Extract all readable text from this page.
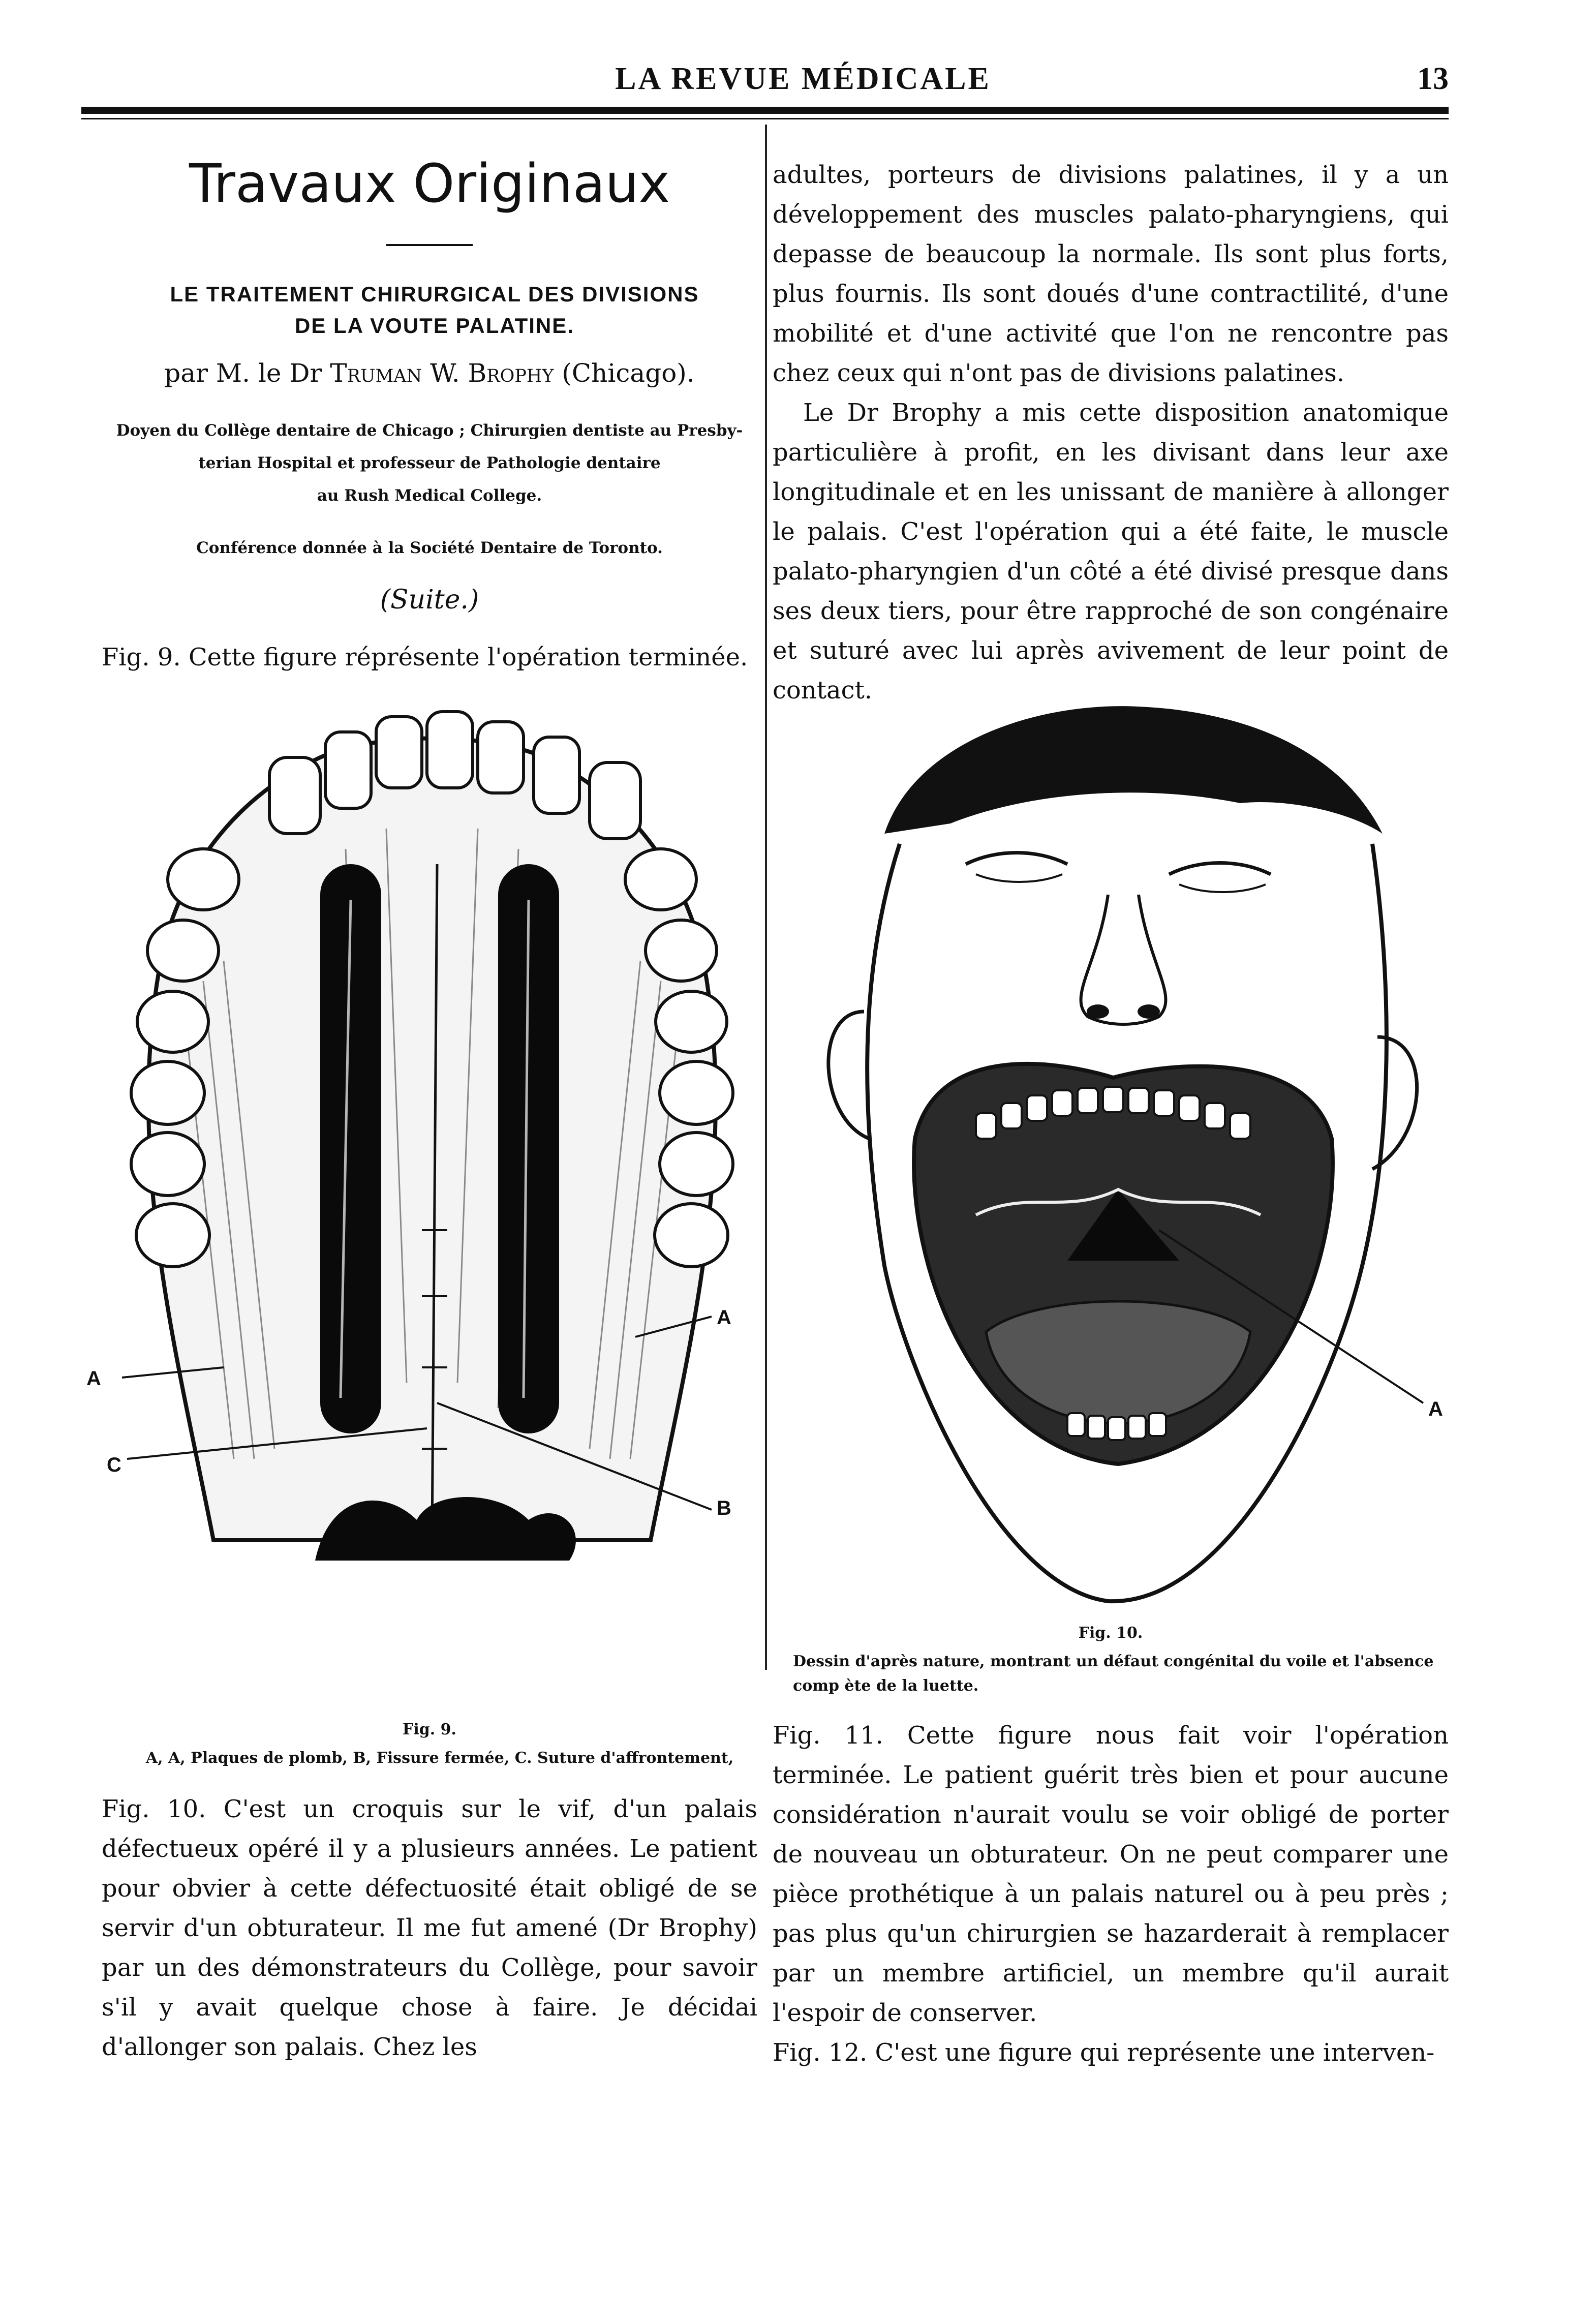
LA REVUE MÉDICALE	13
Travaux Originaux
LE TRAITEMENT CHIRURGICAL DES DIVISIONS
DE LA VOUTE PALATINE.
par M. le Dr Truman W. Brophy (Chicago).
Doyen du Collège dentaire de Chicago ; Chirurgien dentiste au Presby-
terian Hospital et professeur de Pathologie dentaire
au Rush Medical College.
Conférence donnée à la Société Dentaire de Toronto.
(Suite.)
Fig. 9. Cette figure réprésente l'opération terminée.
A
A
B
C
Fig. 9.
A, A, Plaques de plomb, B, Fissure fermée, C. Suture d'affrontement,

Fig. 10. C'est un croquis sur le vif, d'un palais défectueux opéré il y a plusieurs années. Le patient pour obvier à cette défectuosité était obligé de se servir d'un obturateur. Il me fut amené (Dr Brophy) par un des démonstrateurs du Collège, pour savoir s'il y avait quelque chose à faire. Je décidai d'allonger son palais. Chez les

adultes, porteurs de divisions palatines, il y a un développement des muscles palato-pharyngiens, qui depasse de beaucoup la normale. Ils sont plus forts, plus fournis. Ils sont doués d'une contractilité, d'une mobilité et d'une activité que l'on ne rencontre pas chez ceux qui n'ont pas de divisions palatines.

Le Dr Brophy a mis cette disposition anatomique particulière à profit, en les divisant dans leur axe longitudinale et en les unissant de manière à allonger le palais. C'est l'opération qui a été faite, le muscle palato-pharyngien d'un côté a été divisé presque dans ses deux tiers, pour être rapproché de son congénaire et suturé avec lui après avivement de leur point de contact.

A
Fig. 10.
Dessin d'après nature, montrant un défaut congénital du voile et l'absence comp ète de la luette.

Fig. 11. Cette figure nous fait voir l'opération terminée. Le patient guérit très bien et pour aucune considération n'aurait voulu se voir obligé de porter de nouveau un obturateur. On ne peut comparer une pièce prothétique à un palais naturel ou à peu près ; pas plus qu'un chirurgien se hazarderait à remplacer par un membre artificiel, un membre qu'il aurait l'espoir de conserver.

Fig. 12. C'est une figure qui représente une interven-
